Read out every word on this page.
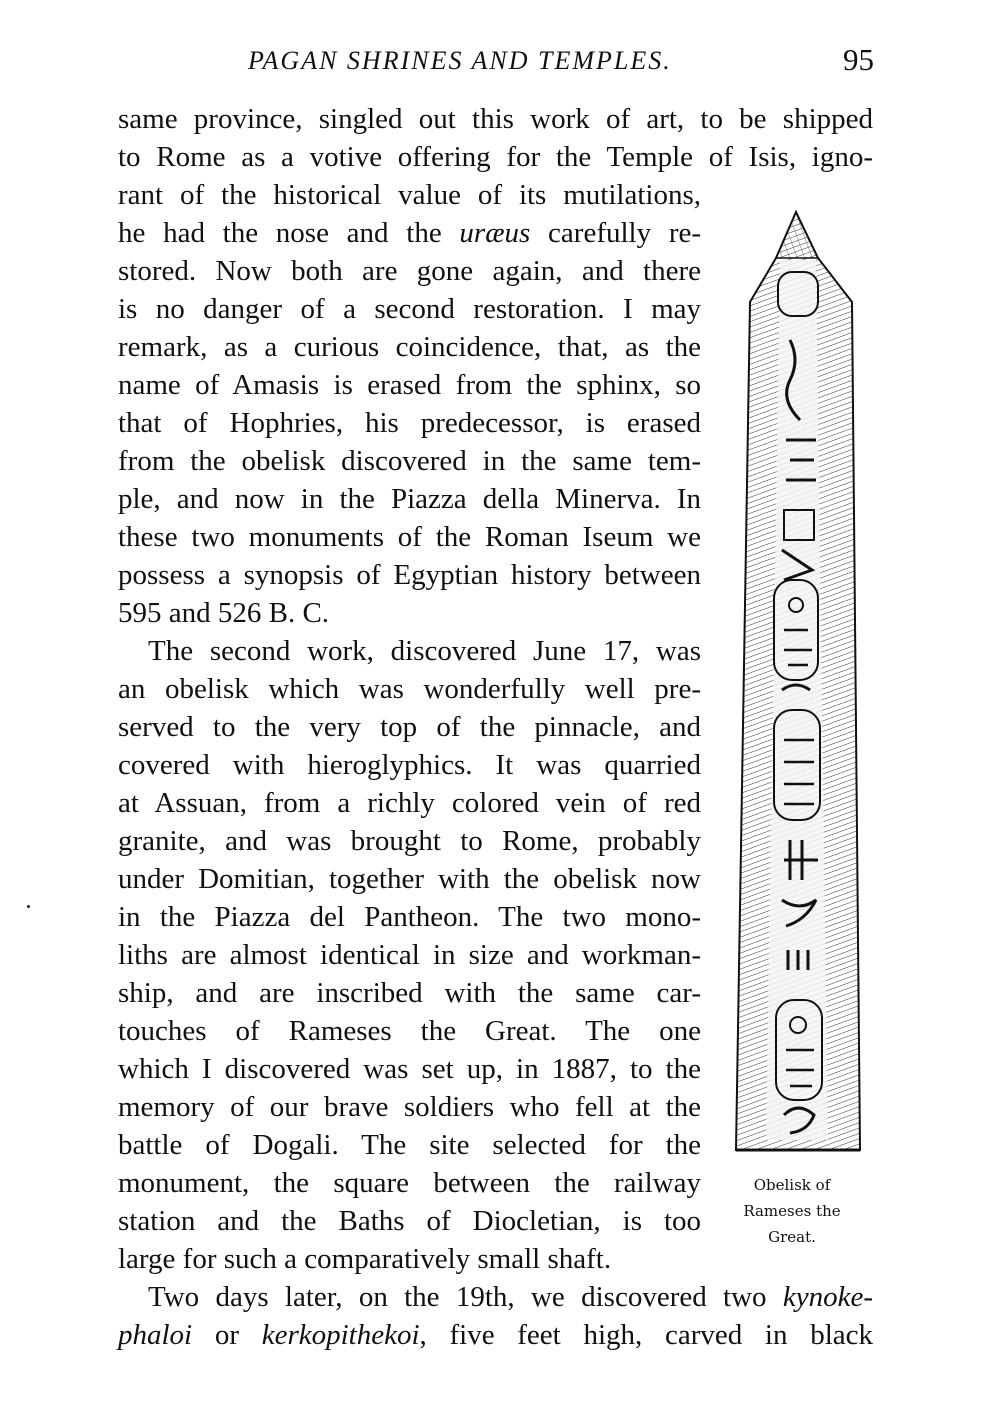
PAGAN SHRINES AND TEMPLES.	95
same province, singled out this work of art, to be shipped
to Rome as a votive offering for the Temple of Isis, igno-
rant of the historical value of its mutilations,
he had the nose and the uræus carefully re-
stored. Now both are gone again, and there
is no danger of a second restoration. I may
remark, as a curious coincidence, that, as the
name of Amasis is erased from the sphinx, so
that of Hophries, his predecessor, is erased
from the obelisk discovered in the same tem-
ple, and now in the Piazza della Minerva. In
these two monuments of the Roman Iseum we
possess a synopsis of Egyptian history between
595 and 526 B. C.
The second work, discovered June 17, was
an obelisk which was wonderfully well pre-
served to the very top of the pinnacle, and
covered with hieroglyphics. It was quarried
at Assuan, from a richly colored vein of red
granite, and was brought to Rome, probably
under Domitian, together with the obelisk now
in the Piazza del Pantheon. The two mono-
liths are almost identical in size and workman-
ship, and are inscribed with the same car-
touches of Rameses the Great. The one
which I discovered was set up, in 1887, to the
memory of our brave soldiers who fell at the
battle of Dogali. The site selected for the
monument, the square between the railway
station and the Baths of Diocletian, is too
large for such a comparatively small shaft.
Two days later, on the 19th, we discovered two kynoke-
phaloi or kerkopithekoi, five feet high, carved in black
Obelisk of
Rameses the
Great.
